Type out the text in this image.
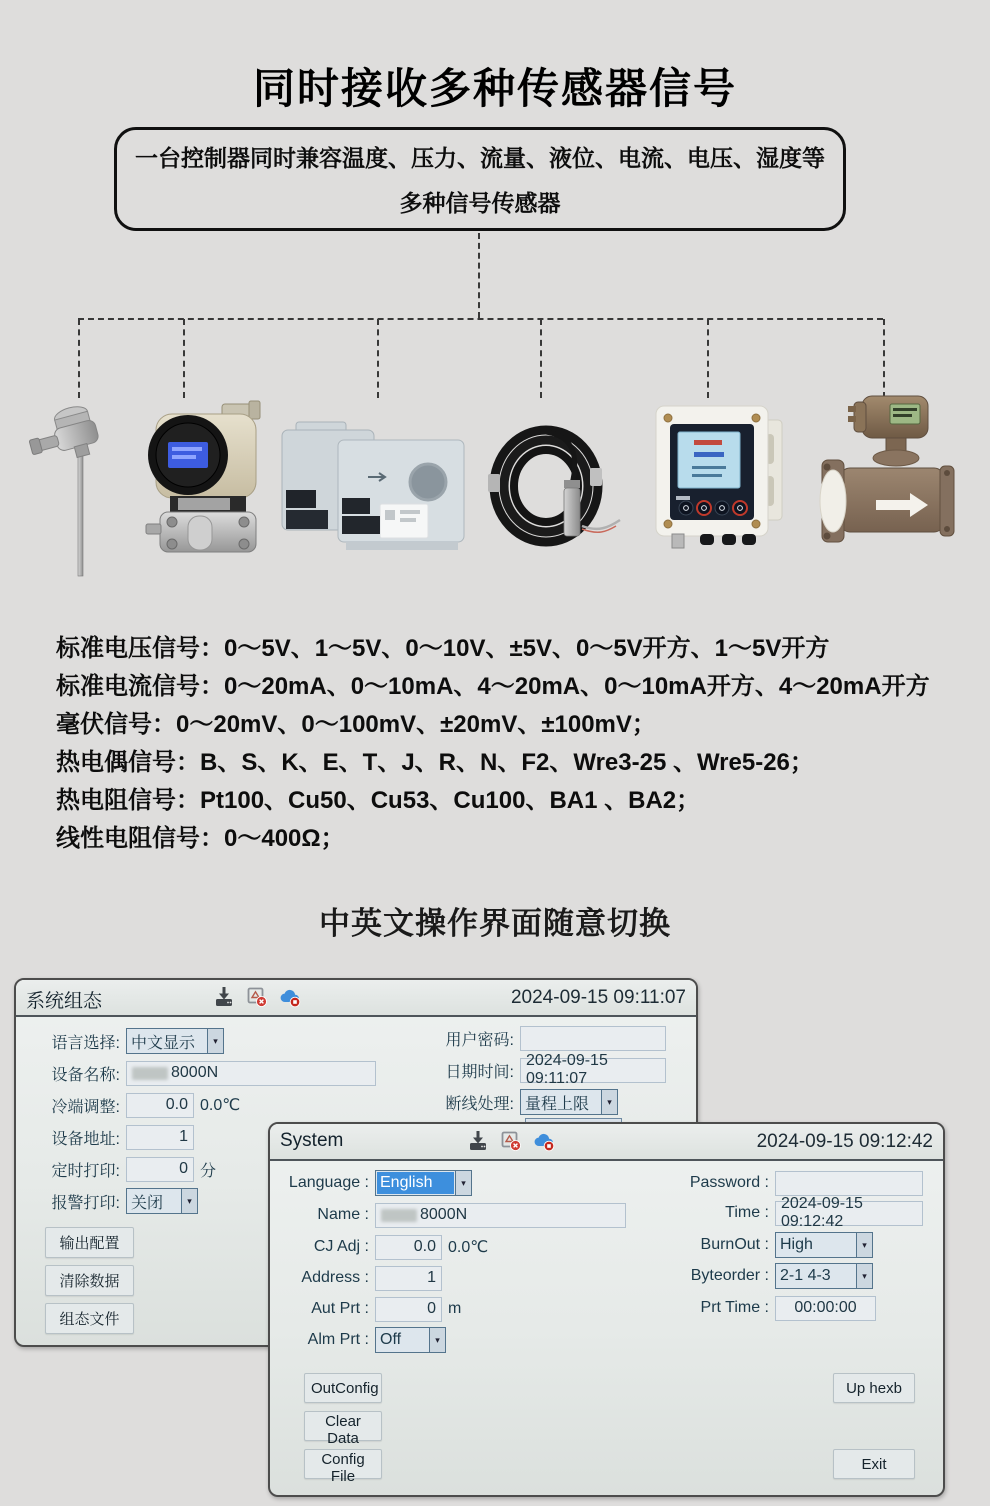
同时接收多种传感器信号

一台控制器同时兼容温度、压力、流量、液位、电流、电压、湿度等

多种信号传感器

标准电压信号：0～5V、1～5V、0～10V、±5V、0～5V开方、1～5V开方

标准电流信号：0～20mA、0～10mA、4～20mA、0～10mA开方、4～20mA开方

毫伏信号：0～20mV、0～100mV、±20mV、±100mV；

热电偶信号：B、S、K、E、T、J、R、N、F2、Wre3-25 、Wre5-26；

热电阻信号：Pt100、Cu50、Cu53、Cu100、BA1 、BA2；

线性电阻信号：0～400Ω；

中英文操作界面随意切换
系统组态	2024-09-15 09:11:07
语言选择: 中文显示	▾
设备名称:	8000N
冷端调整:	0.0 0.0℃
设备地址:	1
定时打印:	0 分
报警打印: 关闭	▾
用户密码:
日期时间:
2024-09-15 09:11:07
断线处理: 量程上限	▾
输出配置
清除数据
组态文件
System	2024-09-15 09:12:42
Language : English	▾
Name :	8000N
CJ Adj :	0.0 0.0℃
Address :	1
Aut Prt :	0 m
Alm Prt : Off	▾
Password :
Time :
2024-09-15 09:12:42
BurnOut : High	▾
Byteorder : 2-1 4-3	▾
Prt Time :	00:00:00
OutConfig
Clear Data
Config File
Up hexb
Exit
